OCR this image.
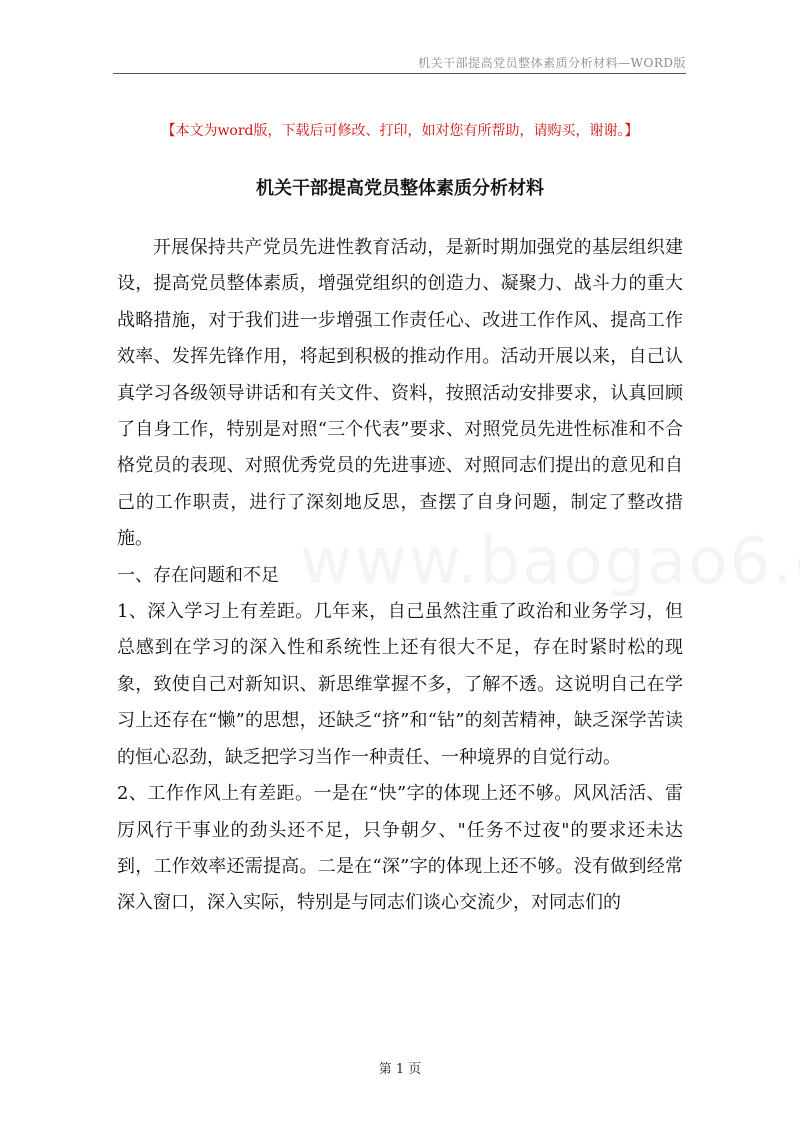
机关干部提高党员整体素质分析材料—WORD版
【本文为word版，下载后可修改、打印，如对您有所帮助，请购买，谢谢。】
机关干部提高党员整体素质分析材料

开展保持共产党员先进性教育活动，是新时期加强党的基层组织建设，提高党员整体素质，增强党组织的创造力、凝聚力、战斗力的重大战略措施，对于我们进一步增强工作责任心、改进工作作风、提高工作效率、发挥先锋作用，将起到积极的推动作用。活动开展以来，自己认真学习各级领导讲话和有关文件、资料，按照活动安排要求，认真回顾了自身工作，特别是对照“三个代表”要求、对照党员先进性标准和不合格党员的表现、对照优秀党员的先进事迹、对照同志们提出的意见和自己的工作职责，进行了深刻地反思，查摆了自身问题，制定了整改措施。

一、存在问题和不足

1、深入学习上有差距。几年来，自己虽然注重了政治和业务学习，但总感到在学习的深入性和系统性上还有很大不足，存在时紧时松的现象，致使自己对新知识、新思维掌握不多，了解不透。这说明自己在学习上还存在“懒”的思想，还缺乏“挤”和“钻”的刻苦精神，缺乏深学苦读的恒心忍劲，缺乏把学习当作一种责任、一种境界的自觉行动。

2、工作作风上有差距。一是在“快”字的体现上还不够。风风活活、雷厉风行干事业的劲头还不足，只争朝夕、"任务不过夜"的要求还未达到，工作效率还需提高。二是在“深”字的体现上还不够。没有做到经常深入窗口，深入实际，特别是与同志们谈心交流少，对同志们的

第 1 页
